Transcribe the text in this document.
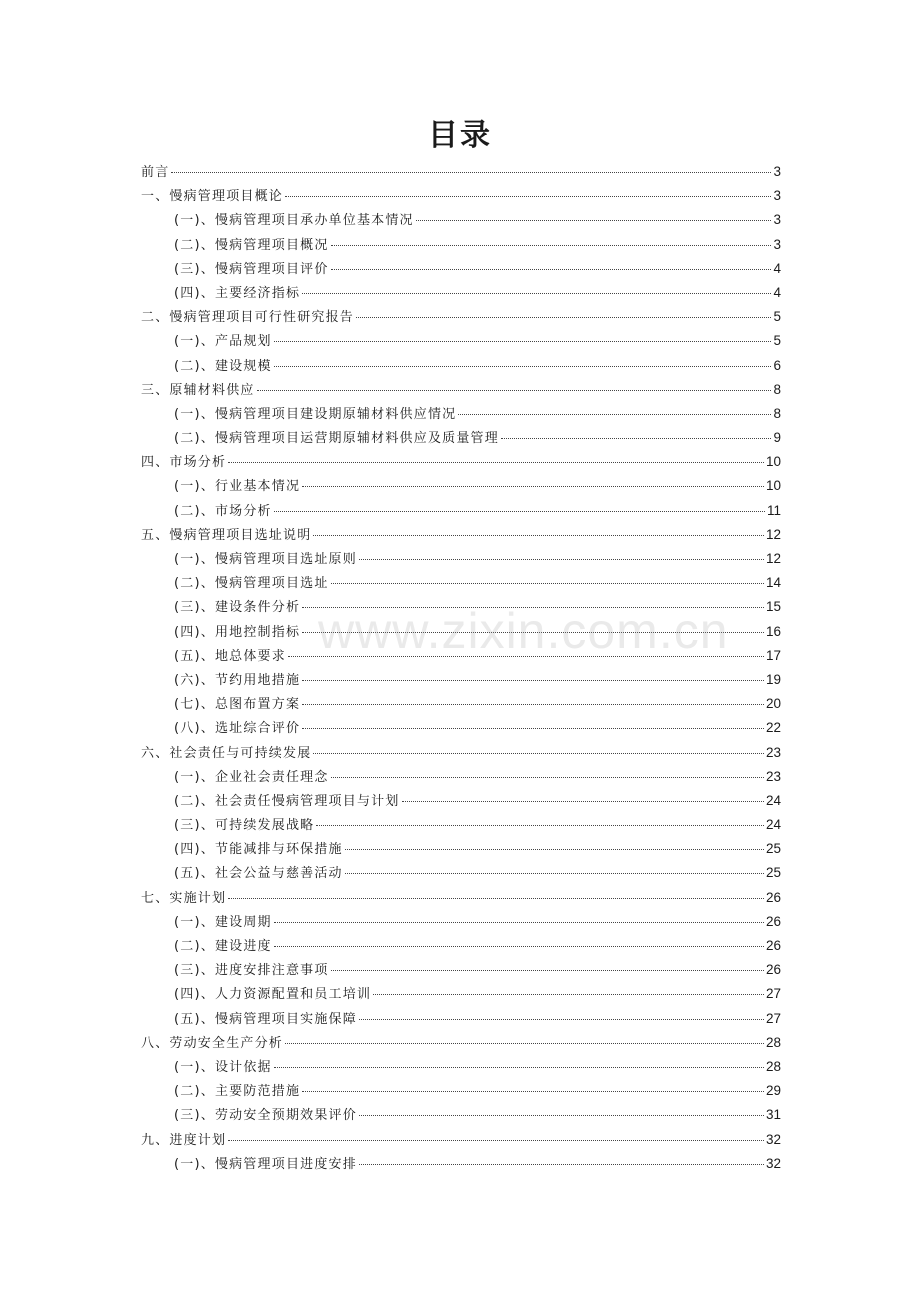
目录
前言	3
一、慢病管理项目概论	3
(一)、慢病管理项目承办单位基本情况	3
(二)、慢病管理项目概况	3
(三)、慢病管理项目评价	4
(四)、主要经济指标	4
二、慢病管理项目可行性研究报告	5
(一)、产品规划	5
(二)、建设规模	6
三、原辅材料供应	8
(一)、慢病管理项目建设期原辅材料供应情况	8
(二)、慢病管理项目运营期原辅材料供应及质量管理	9
四、市场分析	10
(一)、行业基本情况	10
(二)、市场分析	11
五、慢病管理项目选址说明	12
(一)、慢病管理项目选址原则	12
(二)、慢病管理项目选址	14
(三)、建设条件分析	15
(四)、用地控制指标	16
(五)、地总体要求	17
(六)、节约用地措施	19
(七)、总图布置方案	20
(八)、选址综合评价	22
六、社会责任与可持续发展	23
(一)、企业社会责任理念	23
(二)、社会责任慢病管理项目与计划	24
(三)、可持续发展战略	24
(四)、节能减排与环保措施	25
(五)、社会公益与慈善活动	25
七、实施计划	26
(一)、建设周期	26
(二)、建设进度	26
(三)、进度安排注意事项	26
(四)、人力资源配置和员工培训	27
(五)、慢病管理项目实施保障	27
八、劳动安全生产分析	28
(一)、设计依据	28
(二)、主要防范措施	29
(三)、劳动安全预期效果评价	31
九、进度计划	32
(一)、慢病管理项目进度安排	32
www.zixin.com.cn
